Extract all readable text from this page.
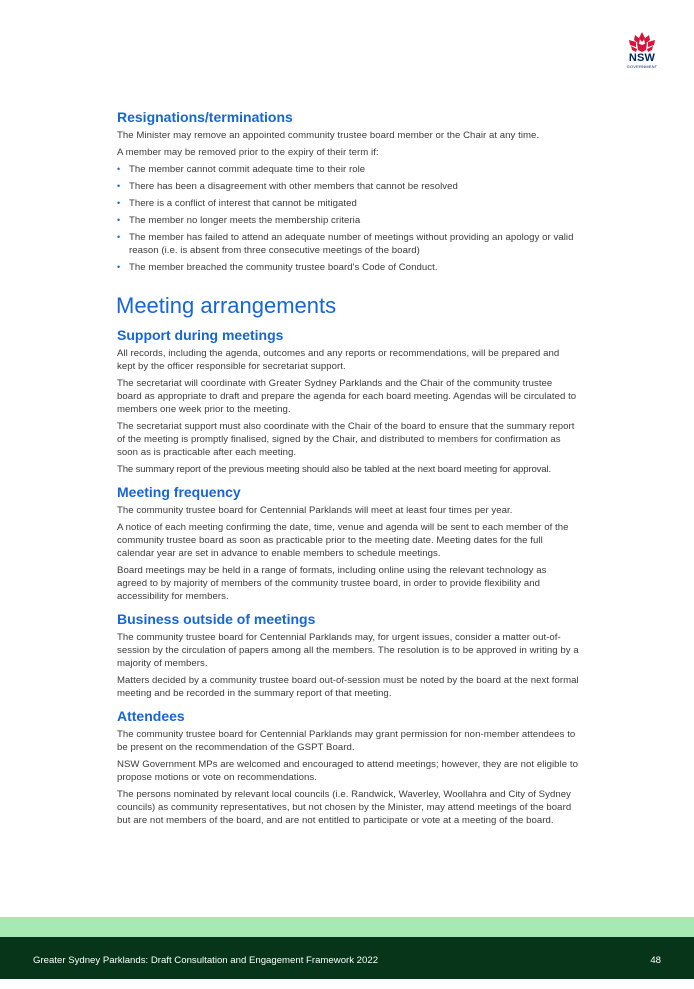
NSW
GOVERNMENT
Resignations/terminations

The Minister may remove an appointed community trustee board member or the Chair at any time.

A member may be removed prior to the expiry of their term if:

• The member cannot commit adequate time to their role
• There has been a disagreement with other members that cannot be resolved
• There is a conflict of interest that cannot be mitigated
• The member no longer meets the membership criteria
• The member has failed to attend an adequate number of meetings without providing an apology or valid reason (i.e. is absent from three consecutive meetings of the board)
• The member breached the community trustee board's Code of Conduct.
Meeting arrangements
Support during meetings

All records, including the agenda, outcomes and any reports or recommendations, will be prepared and kept by the officer responsible for secretariat support.

The secretariat will coordinate with Greater Sydney Parklands and the Chair of the community trustee board as appropriate to draft and prepare the agenda for each board meeting. Agendas will be circulated to members one week prior to the meeting.

The secretariat support must also coordinate with the Chair of the board to ensure that the summary report of the meeting is promptly finalised, signed by the Chair, and distributed to members for confirmation as soon as is practicable after each meeting.

The summary report of the previous meeting should also be tabled at the next board meeting for approval.

Meeting frequency

The community trustee board for Centennial Parklands will meet at least four times per year.

A notice of each meeting confirming the date, time, venue and agenda will be sent to each member of the community trustee board as soon as practicable prior to the meeting date. Meeting dates for the full calendar year are set in advance to enable members to schedule meetings.

Board meetings may be held in a range of formats, including online using the relevant technology as agreed to by majority of members of the community trustee board, in order to provide flexibility and accessibility for members.

Business outside of meetings

The community trustee board for Centennial Parklands may, for urgent issues, consider a matter out-of-session by the circulation of papers among all the members. The resolution is to be approved in writing by a majority of members.

Matters decided by a community trustee board out-of-session must be noted by the board at the next formal meeting and be recorded in the summary report of that meeting.

Attendees

The community trustee board for Centennial Parklands may grant permission for non-member attendees to be present on the recommendation of the GSPT Board.

NSW Government MPs are welcomed and encouraged to attend meetings; however, they are not eligible to propose motions or vote on recommendations.

The persons nominated by relevant local councils (i.e. Randwick, Waverley, Woollahra and City of Sydney councils) as community representatives, but not chosen by the Minister, may attend meetings of the board but are not members of the board, and are not entitled to participate or vote at a meeting of the board.

Greater Sydney Parklands: Draft Consultation and Engagement Framework 2022	48
